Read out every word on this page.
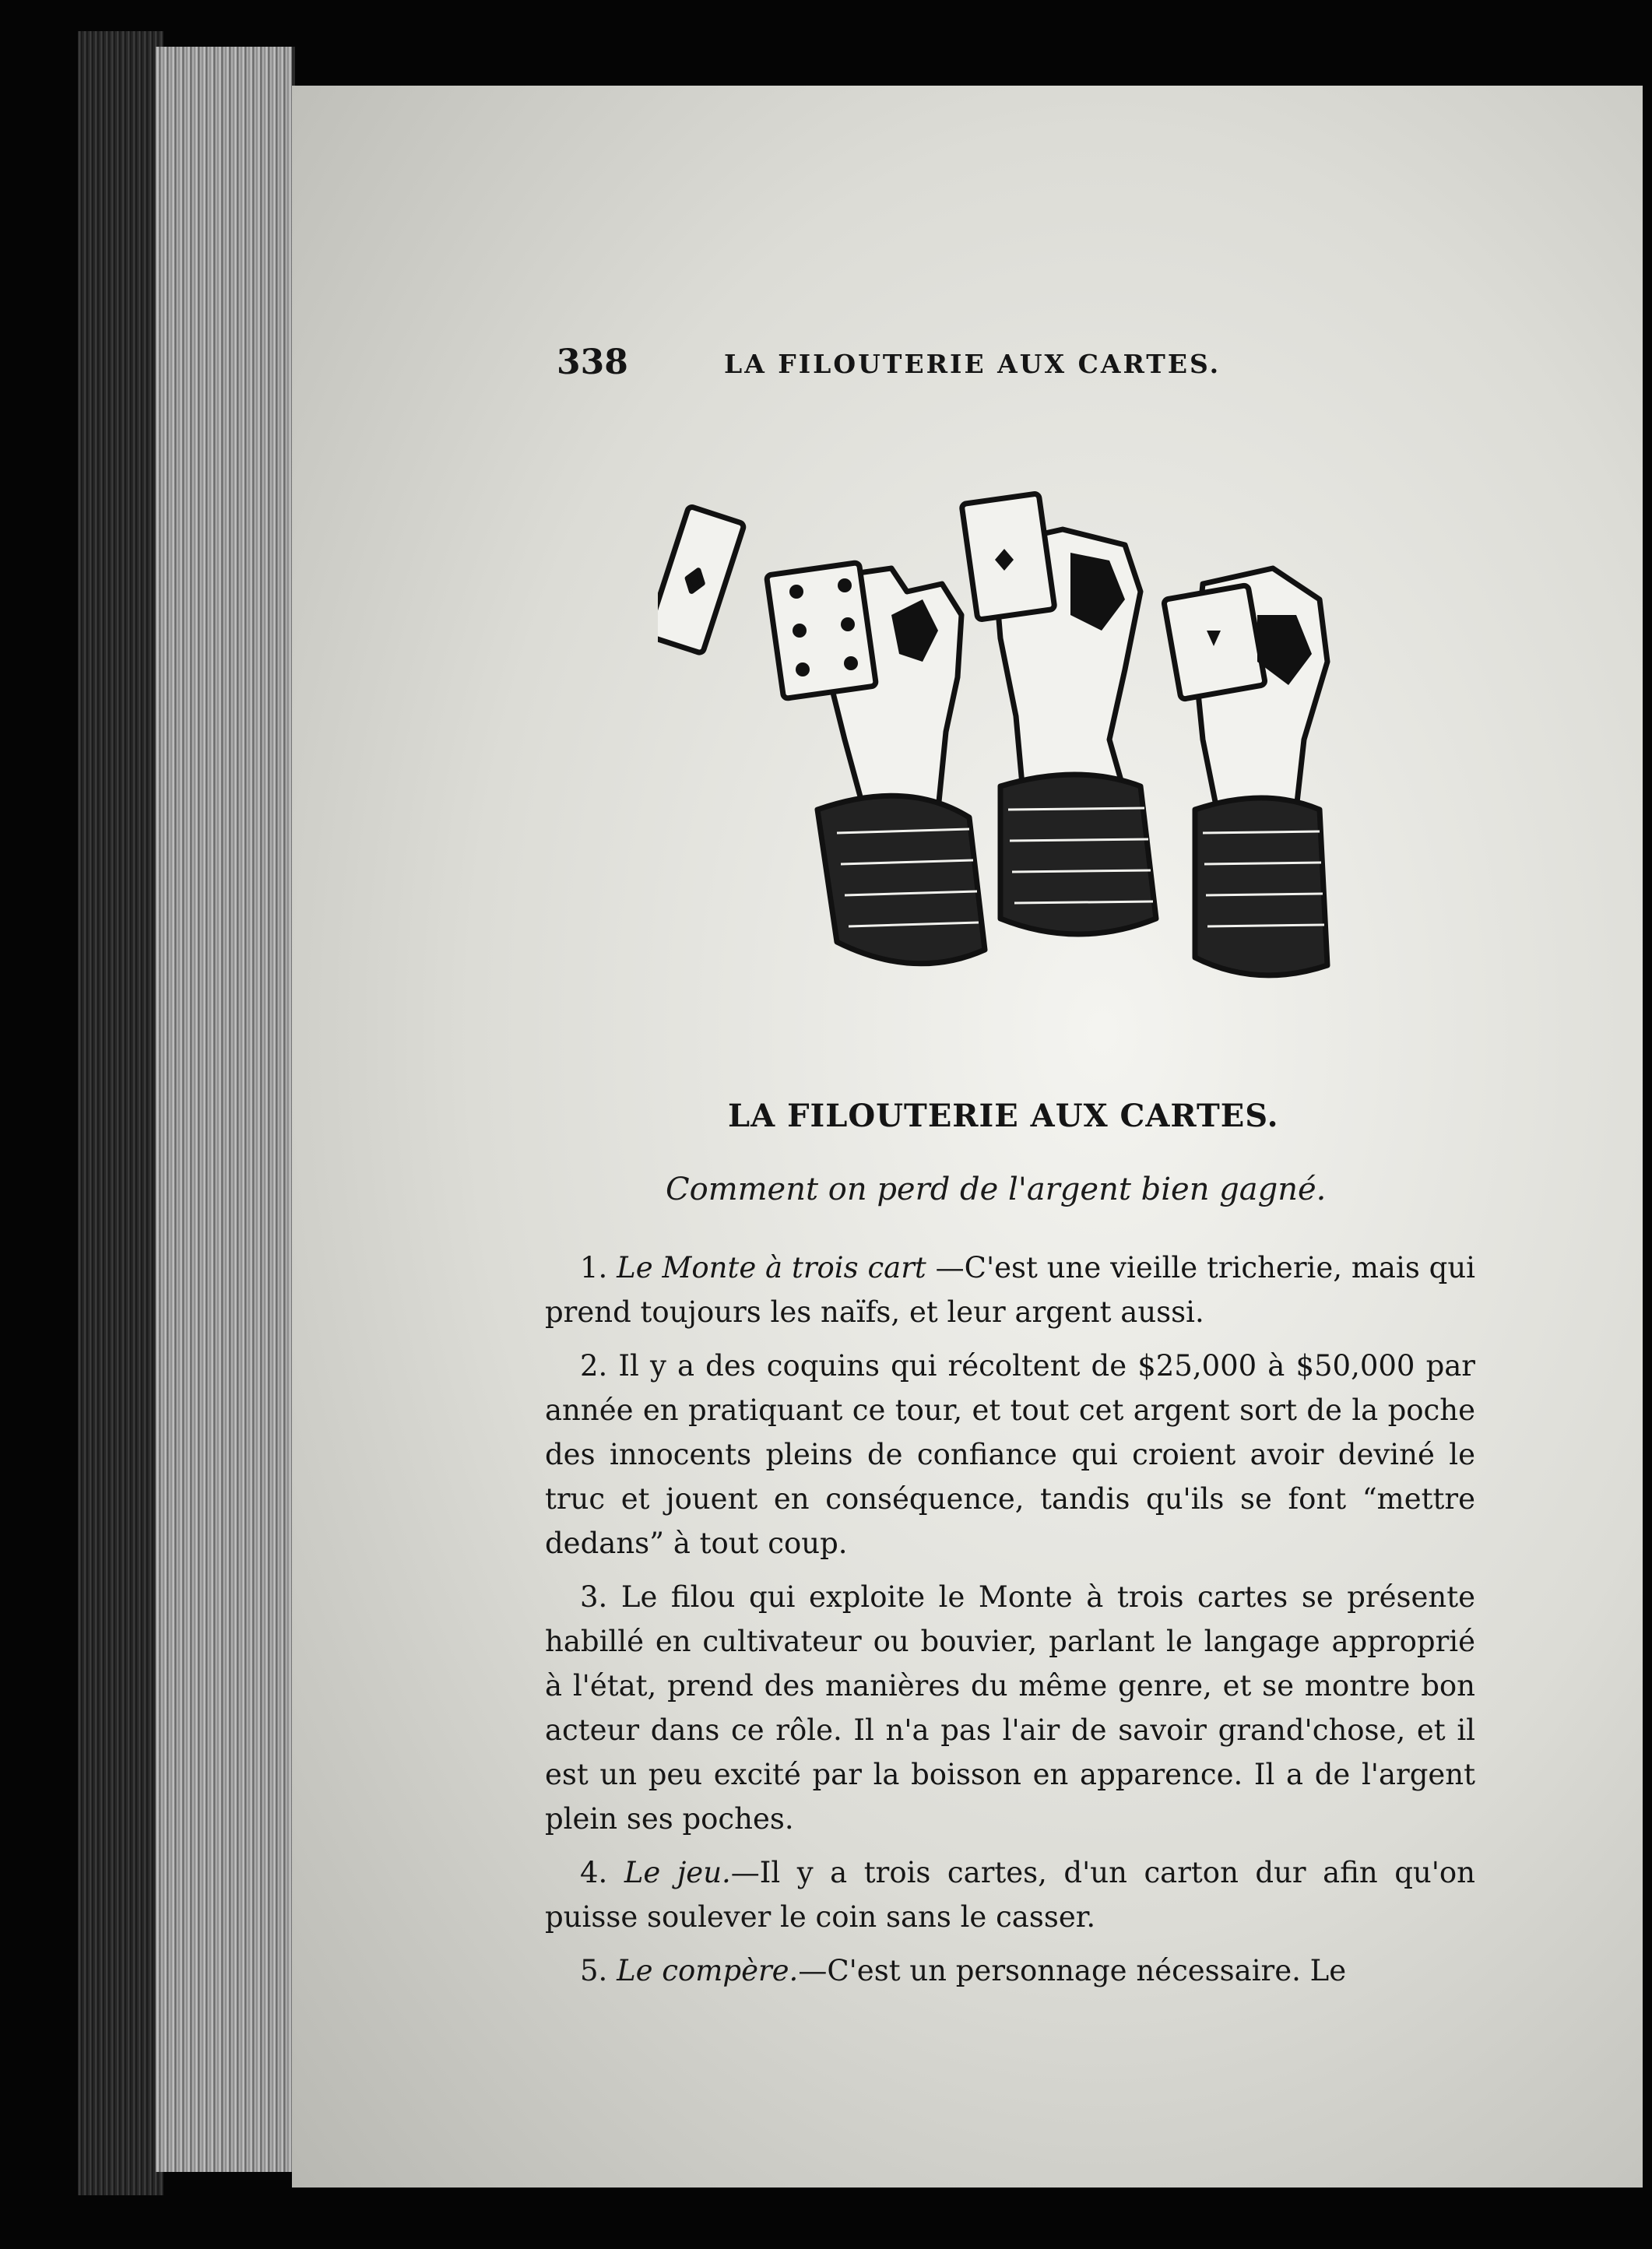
338	LA FILOUTERIE AUX CARTES.
LA FILOUTERIE AUX CARTES.
Comment on perd de l'argent bien gagné.

1. Le Monte à trois cart —C'est une vieille tricherie, mais qui prend toujours les naïfs, et leur argent aussi.

2. Il y a des coquins qui récoltent de $25,000 à $50,000 par année en pratiquant ce tour, et tout cet argent sort de la poche des innocents pleins de confiance qui croient avoir deviné le truc et jouent en conséquence, tandis qu'ils se font “mettre dedans” à tout coup.

3. Le filou qui exploite le Monte à trois cartes se présente habillé en cultivateur ou bouvier, parlant le langage approprié à l'état, prend des manières du même genre, et se montre bon acteur dans ce rôle. Il n'a pas l'air de savoir grand'chose, et il est un peu excité par la boisson en apparence. Il a de l'argent plein ses poches.

4. Le jeu.—Il y a trois cartes, d'un carton dur afin qu'on puisse soulever le coin sans le casser.

5. Le compère.—C'est un personnage nécessaire. Le
